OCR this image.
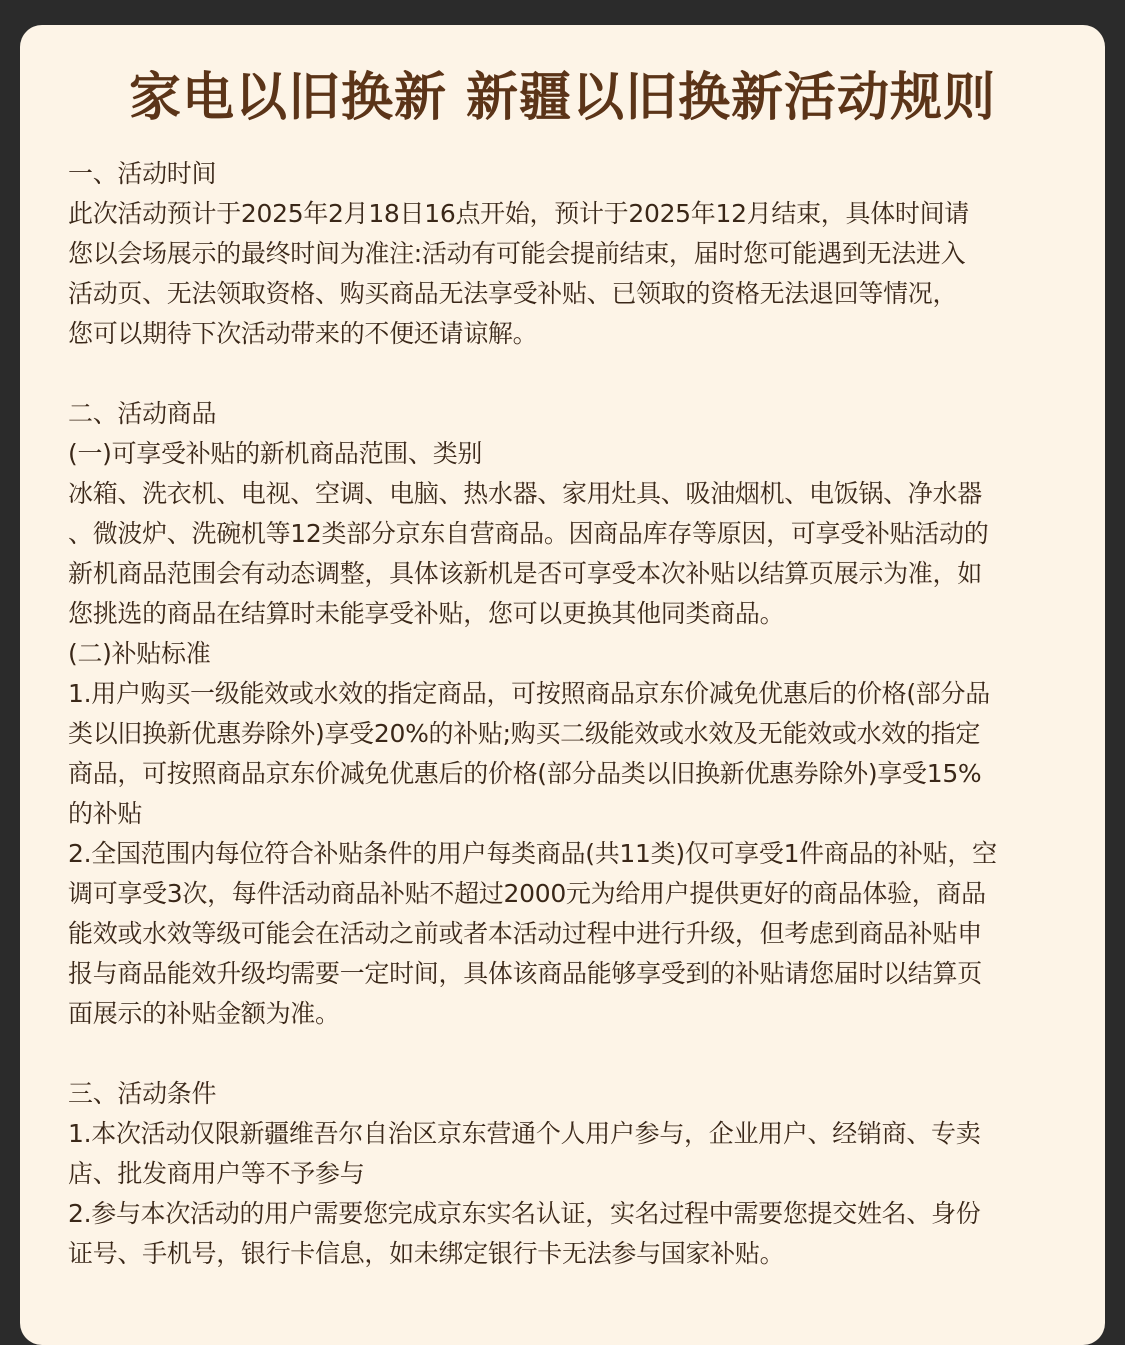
家电以旧换新 新疆以旧换新活动规则
一、活动时间
此次活动预计于2025年2月18日16点开始，预计于2025年12月结束，具体时间请
您以会场展示的最终时间为准注:活动有可能会提前结束，届时您可能遇到无法进入
活动页、无法领取资格、购买商品无法享受补贴、已领取的资格无法退回等情况，
您可以期待下次活动带来的不便还请谅解。
二、活动商品
(一)可享受补贴的新机商品范围、类别
冰箱、洗衣机、电视、空调、电脑、热水器、家用灶具、吸油烟机、电饭锅、净水器
、微波炉、洗碗机等12类部分京东自营商品。因商品库存等原因，可享受补贴活动的
新机商品范围会有动态调整，具体该新机是否可享受本次补贴以结算页展示为准，如
您挑选的商品在结算时未能享受补贴，您可以更换其他同类商品。
(二)补贴标准
1.用户购买一级能效或水效的指定商品，可按照商品京东价减免优惠后的价格(部分品
类以旧换新优惠券除外)享受20%的补贴;购买二级能效或水效及无能效或水效的指定
商品，可按照商品京东价减免优惠后的价格(部分品类以旧换新优惠券除外)享受15%
的补贴
2.全国范围内每位符合补贴条件的用户每类商品(共11类)仅可享受1件商品的补贴，空
调可享受3次，每件活动商品补贴不超过2000元为给用户提供更好的商品体验，商品
能效或水效等级可能会在活动之前或者本活动过程中进行升级，但考虑到商品补贴申
报与商品能效升级均需要一定时间，具体该商品能够享受到的补贴请您届时以结算页
面展示的补贴金额为准。
三、活动条件
1.本次活动仅限新疆维吾尔自治区京东营通个人用户参与，企业用户、经销商、专卖
店、批发商用户等不予参与
2.参与本次活动的用户需要您完成京东实名认证，实名过程中需要您提交姓名、身份
证号、手机号，银行卡信息，如未绑定银行卡无法参与国家补贴。
